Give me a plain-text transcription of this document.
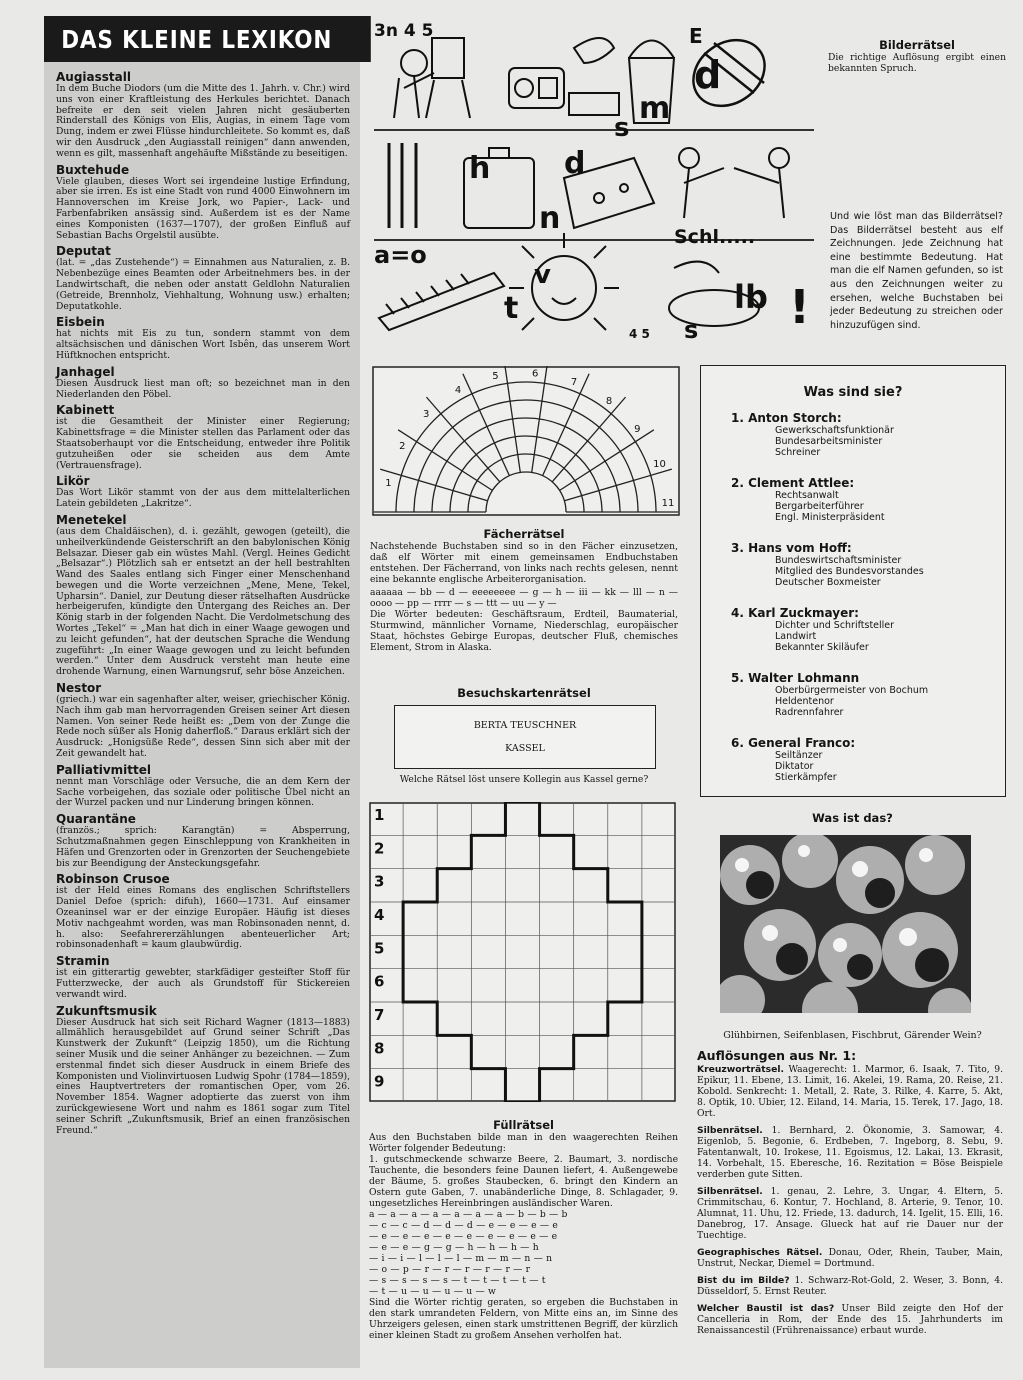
DAS KLEINE LEXIKON
Augiasstall

In dem Buche Diodors (um die Mitte des 1. Jahrh. v. Chr.) wird uns von einer Kraftleistung des Herkules berichtet. Danach befreite er den seit vielen Jahren nicht gesäuberten Rinderstall des Königs von Elis, Augias, in einem Tage vom Dung, indem er zwei Flüsse hindurchleitete. So kommt es, daß wir den Ausdruck „den Augiasstall reinigen“ dann anwenden, wenn es gilt, massenhaft angehäufte Mißstände zu beseitigen.

Buxtehude

Viele glauben, dieses Wort sei irgendeine lustige Erfindung, aber sie irren. Es ist eine Stadt von rund 4000 Einwohnern im Hannoverschen im Kreise Jork, wo Papier-, Lack- und Farbenfabriken ansässig sind. Außerdem ist es der Name eines Komponisten (1637—1707), der großen Einfluß auf Sebastian Bachs Orgelstil ausübte.

Deputat

(lat. = „das Zustehende“) = Einnahmen aus Naturalien, z. B. Nebenbezüge eines Beamten oder Arbeitnehmers bes. in der Landwirtschaft, die neben oder anstatt Geldlohn Naturalien (Getreide, Brennholz, Viehhaltung, Wohnung usw.) erhalten; Deputatkohle.

Eisbein

hat nichts mit Eis zu tun, sondern stammt von dem altsächsischen und dänischen Wort Isbên, das unserem Wort Hüftknochen entspricht.

Janhagel

Diesen Ausdruck liest man oft; so bezeichnet man in den Niederlanden den Pöbel.

Kabinett

ist die Gesamtheit der Minister einer Regierung; Kabinettsfrage = die Minister stellen das Parlament oder das Staatsoberhaupt vor die Entscheidung, entweder ihre Politik gutzuheißen oder sie scheiden aus dem Amte (Vertrauensfrage).

Likör

Das Wort Likör stammt von der aus dem mittelalterlichen Latein gebildeten „Lakritze“.

Menetekel

(aus dem Chaldäischen), d. i. gezählt, gewogen (geteilt), die unheilverkündende Geisterschrift an den babylonischen König Belsazar. Dieser gab ein wüstes Mahl. (Vergl. Heines Gedicht „Belsazar“.) Plötzlich sah er entsetzt an der hell bestrahlten Wand des Saales entlang sich Finger einer Menschenhand bewegen und die Worte verzeichnen „Mene, Mene, Tekel, Upharsin“. Daniel, zur Deutung dieser rätselhaften Ausdrücke herbeigerufen, kündigte den Untergang des Reiches an. Der König starb in der folgenden Nacht. Die Verdolmetschung des Wortes „Tekel“ = „Man hat dich in einer Waage gewogen und zu leicht gefunden“, hat der deutschen Sprache die Wendung zugeführt: „In einer Waage gewogen und zu leicht befunden werden.“ Unter dem Ausdruck versteht man heute eine drohende Warnung, einen Warnungsruf, sehr böse Anzeichen.

Nestor

(griech.) war ein sagenhafter alter, weiser, griechischer König. Nach ihm gab man hervorragenden Greisen seiner Art diesen Namen. Von seiner Rede heißt es: „Dem von der Zunge die Rede noch süßer als Honig daherfloß.“ Daraus erklärt sich der Ausdruck: „Honigsüße Rede“, dessen Sinn sich aber mit der Zeit gewandelt hat.

Palliativmittel

nennt man Vorschläge oder Versuche, die an dem Kern der Sache vorbeigehen, das soziale oder politische Übel nicht an der Wurzel packen und nur Linderung bringen können.

Quarantäne

(französ.; sprich: Karangtän) = Absperrung, Schutzmaßnahmen gegen Einschleppung von Krankheiten in Häfen und Grenzorten oder in Grenzorten der Seuchengebiete bis zur Beendigung der Ansteckungsgefahr.

Robinson Crusoe

ist der Held eines Romans des englischen Schriftstellers Daniel Defoe (sprich: difuh), 1660—1731. Auf einsamer Ozeaninsel war er der einzige Europäer. Häufig ist dieses Motiv nachgeahmt worden, was man Robinsonaden nennt, d. h. also: Seefahrererzählungen abenteuerlicher Art; robinsonadenhaft = kaum glaubwürdig.

Stramin

ist ein gitterartig gewebter, starkfädiger gesteifter Stoff für Futterzwecke, der auch als Grundstoff für Stickereien verwandt wird.

Zukunftsmusik

Dieser Ausdruck hat sich seit Richard Wagner (1813—1883) allmählich herausgebildet auf Grund seiner Schrift „Das Kunstwerk der Zukunft“ (Leipzig 1850), um die Richtung seiner Musik und die seiner Anhänger zu bezeichnen. — Zum erstenmal findet sich dieser Ausdruck in einem Briefe des Komponisten und Violinvirtuosen Ludwig Spohr (1784—1859), eines Hauptvertreters der romantischen Oper, vom 26. November 1854. Wagner adoptierte das zuerst von ihm zurückgewiesene Wort und nahm es 1861 sogar zum Titel seiner Schrift „Zukunftsmusik, Brief an einen französischen Freund.“

3n 4 5	E
d
m
s
h d
n
Schl.....
a=o
t
v
s
lb !
4 5

Bilderrätsel

Die richtige Auflösung ergibt einen bekannten Spruch.

Und wie löst man das Bilderrätsel? Das Bilderrätsel besteht aus elf Zeichnungen. Jede Zeichnung hat eine bestimmte Bedeutung. Hat man die elf Namen gefunden, so ist aus den Zeichnungen weiter zu ersehen, welche Buchstaben bei jeder Bedeutung zu streichen oder hinzuzufügen sind.

1
2
3
4
5	6
7
8
9
10
11

Fächerrätsel

Nachstehende Buchstaben sind so in den Fächer einzusetzen, daß elf Wörter mit einem gemeinsamen Endbuchstaben entstehen. Der Fächerrand, von links nach rechts gelesen, nennt eine bekannte englische Arbeiterorganisation.

aaaaaa — bb — d — eeeeeeee — g — h — iii — kk — lll — n — oooo — pp — rrrr — s — ttt — uu — y —

Die Wörter bedeuten: Geschäftsraum, Erdteil, Baumaterial, Sturmwind, männlicher Vorname, Niederschlag, europäischer Staat, höchstes Gebirge Europas, deutscher Fluß, chemisches Element, Strom in Alaska.

Besuchskartenrätsel

BERTA TEUSCHNER
KASSEL

Welche Rätsel löst unsere Kollegin aus Kassel gerne?

1
2
3
4
5
6
7
8
9

Füllrätsel

Aus den Buchstaben bilde man in den waagerechten Reihen Wörter folgender Bedeutung:

1. gutschmeckende schwarze Beere, 2. Baumart, 3. nordische Tauchente, die besonders feine Daunen liefert, 4. Außengewebe der Bäume, 5. großes Staubecken, 6. bringt den Kindern an Ostern gute Gaben, 7. unabänderliche Dinge, 8. Schlagader, 9. ungesetzliches Hereinbringen ausländischer Waren.

a — a — a — a — a — a — a — b — b — b

— c — c — d — d — d — e — e — e — e

— e — e — e — e — e — e — e — e — e

— e — e — g — g — h — h — h — h

— i — i — l — l — l — m — m — n — n

— o — p — r — r — r — r — r — r

— s — s — s — s — t — t — t — t — t

— t — u — u — u — u — w

Sind die Wörter richtig geraten, so ergeben die Buchstaben in den stark umrandeten Feldern, von Mitte eins an, im Sinne des Uhrzeigers gelesen, einen stark umstrittenen Begriff, der kürzlich einer kleinen Stadt zu großem Ansehen verholfen hat.

Was sind sie?

1. Anton Storch:
Gewerkschaftsfunktionär
Bundesarbeitsminister
Schreiner
2. Clement Attlee:
Rechtsanwalt
Bergarbeiterführer
Engl. Ministerpräsident
3. Hans vom Hoff:
Bundeswirtschaftsminister
Mitglied des Bundesvorstandes
Deutscher Boxmeister
4. Karl Zuckmayer:
Dichter und Schriftsteller
Landwirt
Bekannter Skiläufer
5. Walter Lohmann
Oberbürgermeister von Bochum
Heldentenor
Radrennfahrer
6. General Franco:
Seiltänzer
Diktator
Stierkämpfer

Was ist das?

Glühbirnen, Seifenblasen, Fischbrut, Gärender Wein?

Auflösungen aus Nr. 1:

Kreuzworträtsel. Waagerecht: 1. Marmor, 6. Isaak, 7. Tito, 9. Epikur, 11. Ebene, 13. Limit, 16. Akelei, 19. Rama, 20. Reise, 21. Kobold. Senkrecht: 1. Metall, 2. Rate, 3. Rilke, 4. Karre, 5. Akt, 8. Optik, 10. Ubier, 12. Eiland, 14. Maria, 15. Terek, 17. Jago, 18. Ort.

Silbenrätsel. 1. Bernhard, 2. Ökonomie, 3. Samowar, 4. Eigenlob, 5. Begonie, 6. Erdbeben, 7. Ingeborg, 8. Sebu, 9. Fatentanwalt, 10. Irokese, 11. Egoismus, 12. Lakai, 13. Ekrasit, 14. Vorbehalt, 15. Eberesche, 16. Rezitation = Böse Beispiele verderben gute Sitten.

Silbenrätsel. 1. genau, 2. Lehre, 3. Ungar, 4. Eltern, 5. Crimmitschau, 6. Kontur, 7. Hochland, 8. Arterie, 9. Tenor, 10. Alumnat, 11. Uhu, 12. Friede, 13. dadurch, 14. Igelit, 15. Elli, 16. Danebrog, 17. Ansage. Glueck hat auf rie Dauer nur der Tuechtige.

Geographisches Rätsel. Donau, Oder, Rhein, Tauber, Main, Unstrut, Neckar, Diemel = Dortmund.

Bist du im Bilde? 1. Schwarz-Rot-Gold, 2. Weser, 3. Bonn, 4. Düsseldorf, 5. Ernst Reuter.

Welcher Baustil ist das? Unser Bild zeigte den Hof der Cancelleria in Rom, der Ende des 15. Jahrhunderts im Renaissancestil (Frührenaissance) erbaut wurde.
